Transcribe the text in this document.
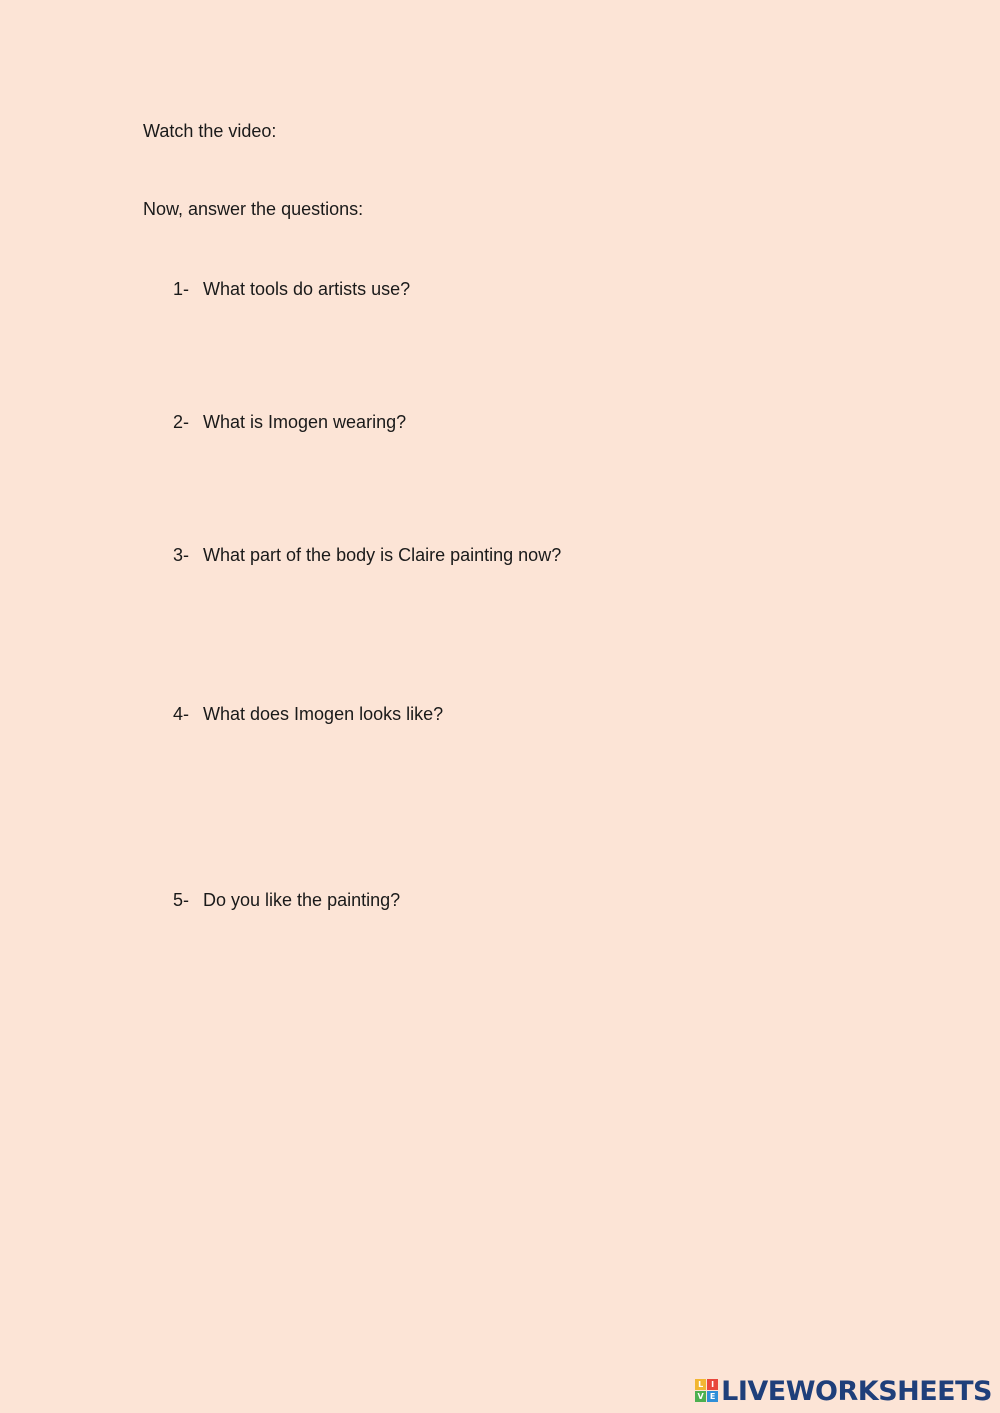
Watch the video:
Now, answer the questions:
1- What tools do artists use?
2- What is Imogen wearing?
3- What part of the body is Claire painting now?
4- What does Imogen looks like?
5- Do you like the painting?
L I
V E LIVEWORKSHEETS
